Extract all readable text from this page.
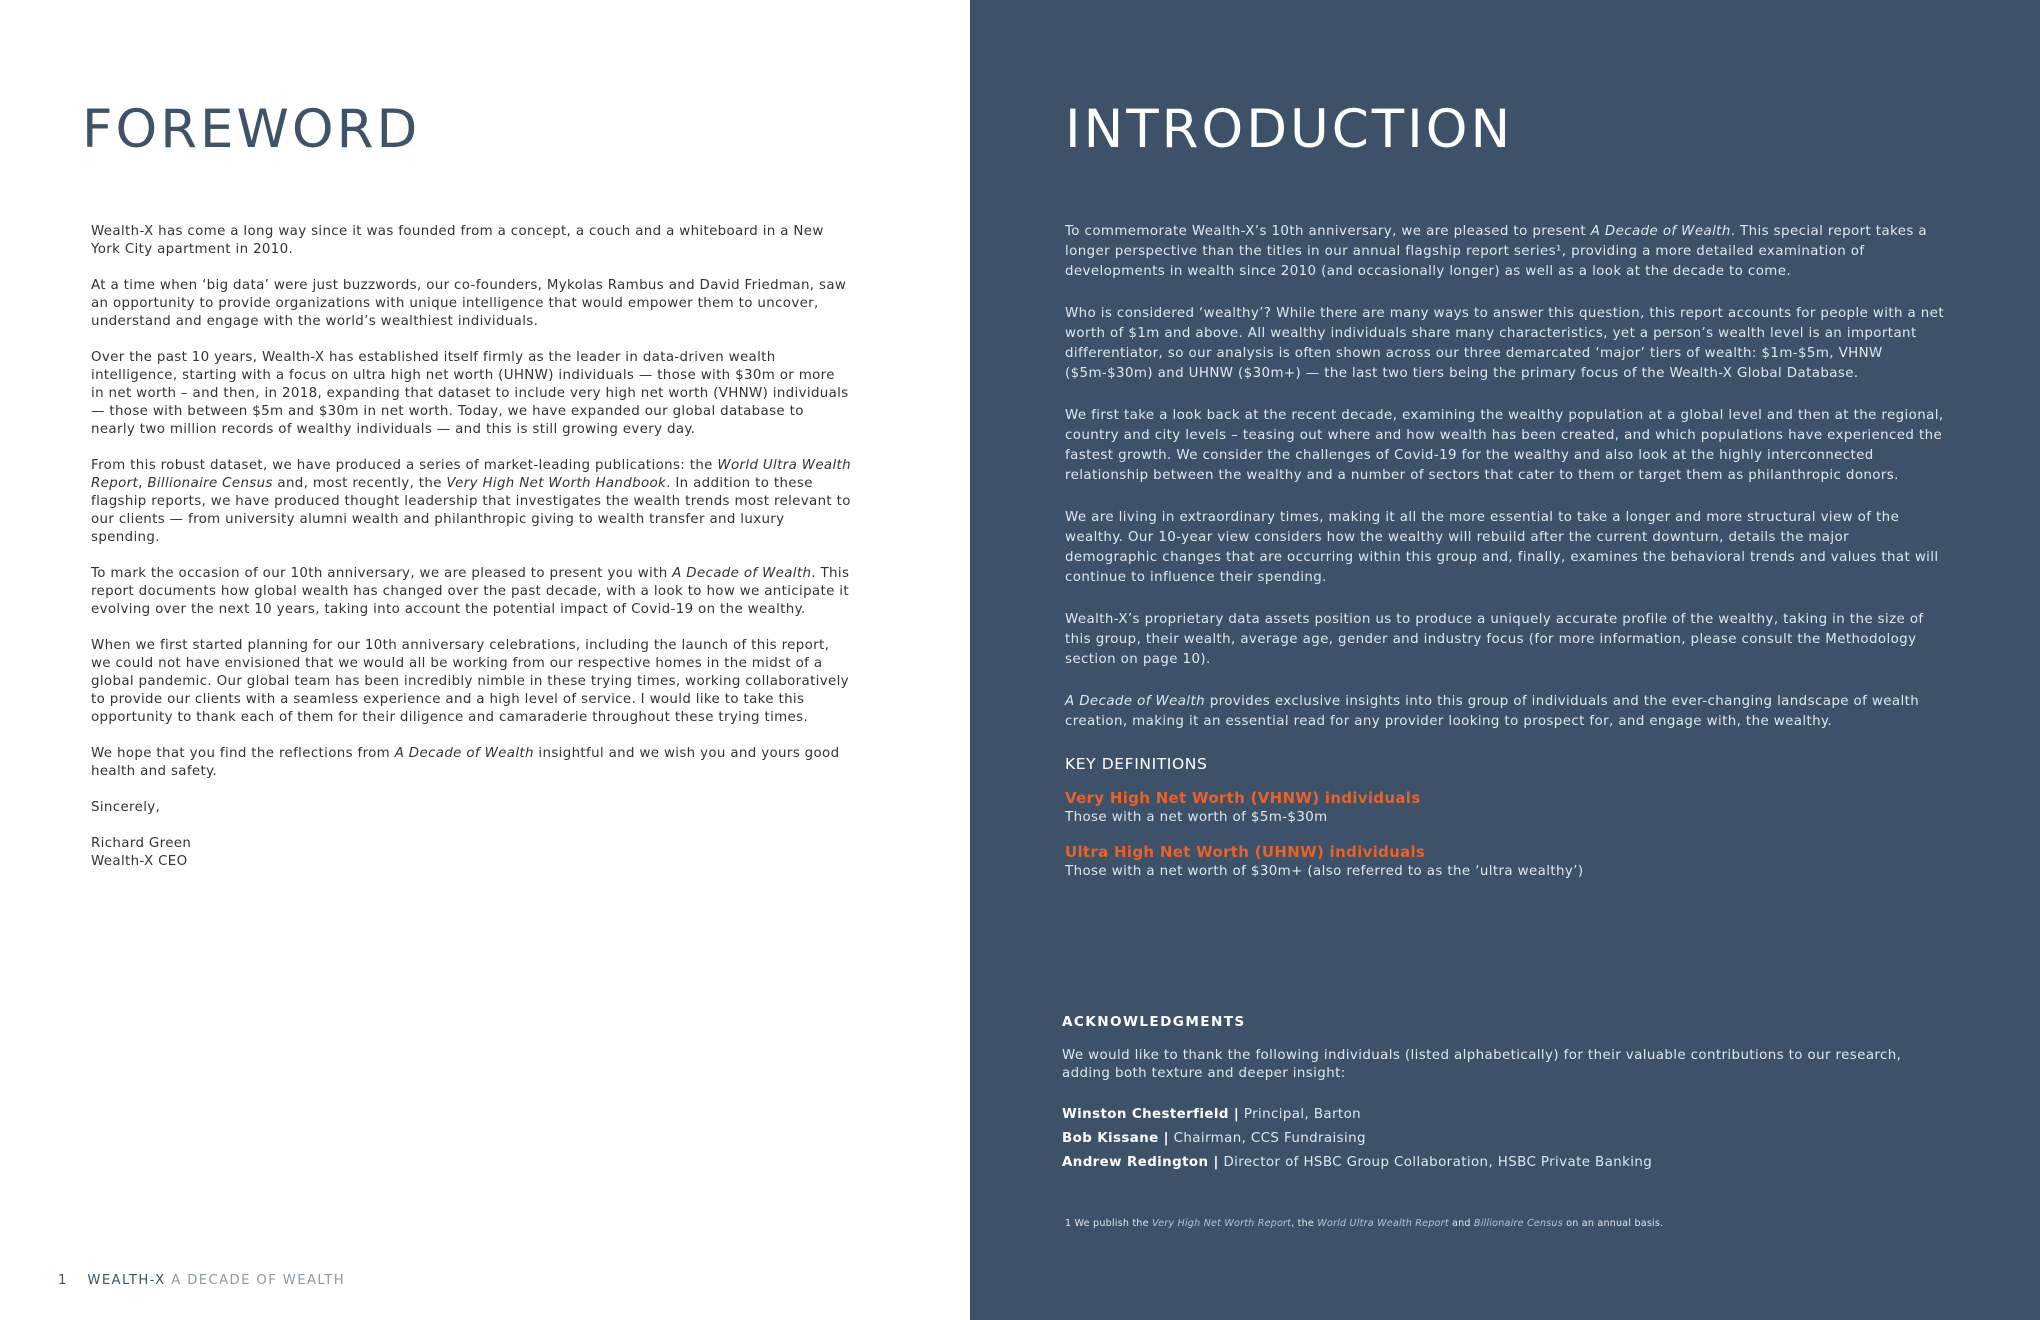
FOREWORD

Wealth-X has come a long way since it was founded from a concept, a couch and a whiteboard in a New York City apartment in 2010.

At a time when ‘big data’ were just buzzwords, our co-founders, Mykolas Rambus and David Friedman, saw an opportunity to provide organizations with unique intelligence that would empower them to uncover, understand and engage with the world’s wealthiest individuals.

Over the past 10 years, Wealth-X has established itself firmly as the leader in data-driven wealth intelligence, starting with a focus on ultra high net worth (UHNW) individuals — those with $30m or more in net worth – and then, in 2018, expanding that dataset to include very high net worth (VHNW) individuals — those with between $5m and $30m in net worth. Today, we have expanded our global database to nearly two million records of wealthy individuals — and this is still growing every day.

From this robust dataset, we have produced a series of market-leading publications: the World Ultra Wealth Report, Billionaire Census and, most recently, the Very High Net Worth Handbook. In addition to these flagship reports, we have produced thought leadership that investigates the wealth trends most relevant to our clients — from university alumni wealth and philanthropic giving to wealth transfer and luxury spending.

To mark the occasion of our 10th anniversary, we are pleased to present you with A Decade of Wealth. This report documents how global wealth has changed over the past decade, with a look to how we anticipate it evolving over the next 10 years, taking into account the potential impact of Covid-19 on the wealthy.

When we first started planning for our 10th anniversary celebrations, including the launch of this report, we could not have envisioned that we would all be working from our respective homes in the midst of a global pandemic. Our global team has been incredibly nimble in these trying times, working collaboratively to provide our clients with a seamless experience and a high level of service. I would like to take this opportunity to thank each of them for their diligence and camaraderie throughout these trying times.

We hope that you find the reflections from A Decade of Wealth insightful and we wish you and yours good health and safety.

Sincerely,

Richard Green

Wealth-X CEO

1 WEALTH-X A DECADE OF WEALTH
INTRODUCTION

To commemorate Wealth-X’s 10th anniversary, we are pleased to present A Decade of Wealth. This special report takes a longer perspective than the titles in our annual flagship report series¹, providing a more detailed examination of developments in wealth since 2010 (and occasionally longer) as well as a look at the decade to come.

Who is considered ‘wealthy’? While there are many ways to answer this question, this report accounts for people with a net worth of $1m and above. All wealthy individuals share many characteristics, yet a person’s wealth level is an important differentiator, so our analysis is often shown across our three demarcated ‘major’ tiers of wealth: $1m-$5m, VHNW ($5m-$30m) and UHNW ($30m+) — the last two tiers being the primary focus of the Wealth-X Global Database.

We first take a look back at the recent decade, examining the wealthy population at a global level and then at the regional, country and city levels – teasing out where and how wealth has been created, and which populations have experienced the fastest growth. We consider the challenges of Covid-19 for the wealthy and also look at the highly interconnected relationship between the wealthy and a number of sectors that cater to them or target them as philanthropic donors.

We are living in extraordinary times, making it all the more essential to take a longer and more structural view of the wealthy. Our 10-year view considers how the wealthy will rebuild after the current downturn, details the major demographic changes that are occurring within this group and, finally, examines the behavioral trends and values that will continue to influence their spending.

Wealth-X’s proprietary data assets position us to produce a uniquely accurate profile of the wealthy, taking in the size of this group, their wealth, average age, gender and industry focus (for more information, please consult the Methodology section on page 10).

A Decade of Wealth provides exclusive insights into this group of individuals and the ever-changing landscape of wealth creation, making it an essential read for any provider looking to prospect for, and engage with, the wealthy.

KEY DEFINITIONS
Very High Net Worth (VHNW) individuals
Those with a net worth of $5m-$30m
Ultra High Net Worth (UHNW) individuals
Those with a net worth of $30m+ (also referred to as the ‘ultra wealthy’)
ACKNOWLEDGMENTS

We would like to thank the following individuals (listed alphabetically) for their valuable contributions to our research, adding both texture and deeper insight:

Winston Chesterfield | Principal, Barton
Bob Kissane | Chairman, CCS Fundraising
Andrew Redington | Director of HSBC Group Collaboration, HSBC Private Banking
1 We publish the Very High Net Worth Report, the World Ultra Wealth Report and Billionaire Census on an annual basis.
